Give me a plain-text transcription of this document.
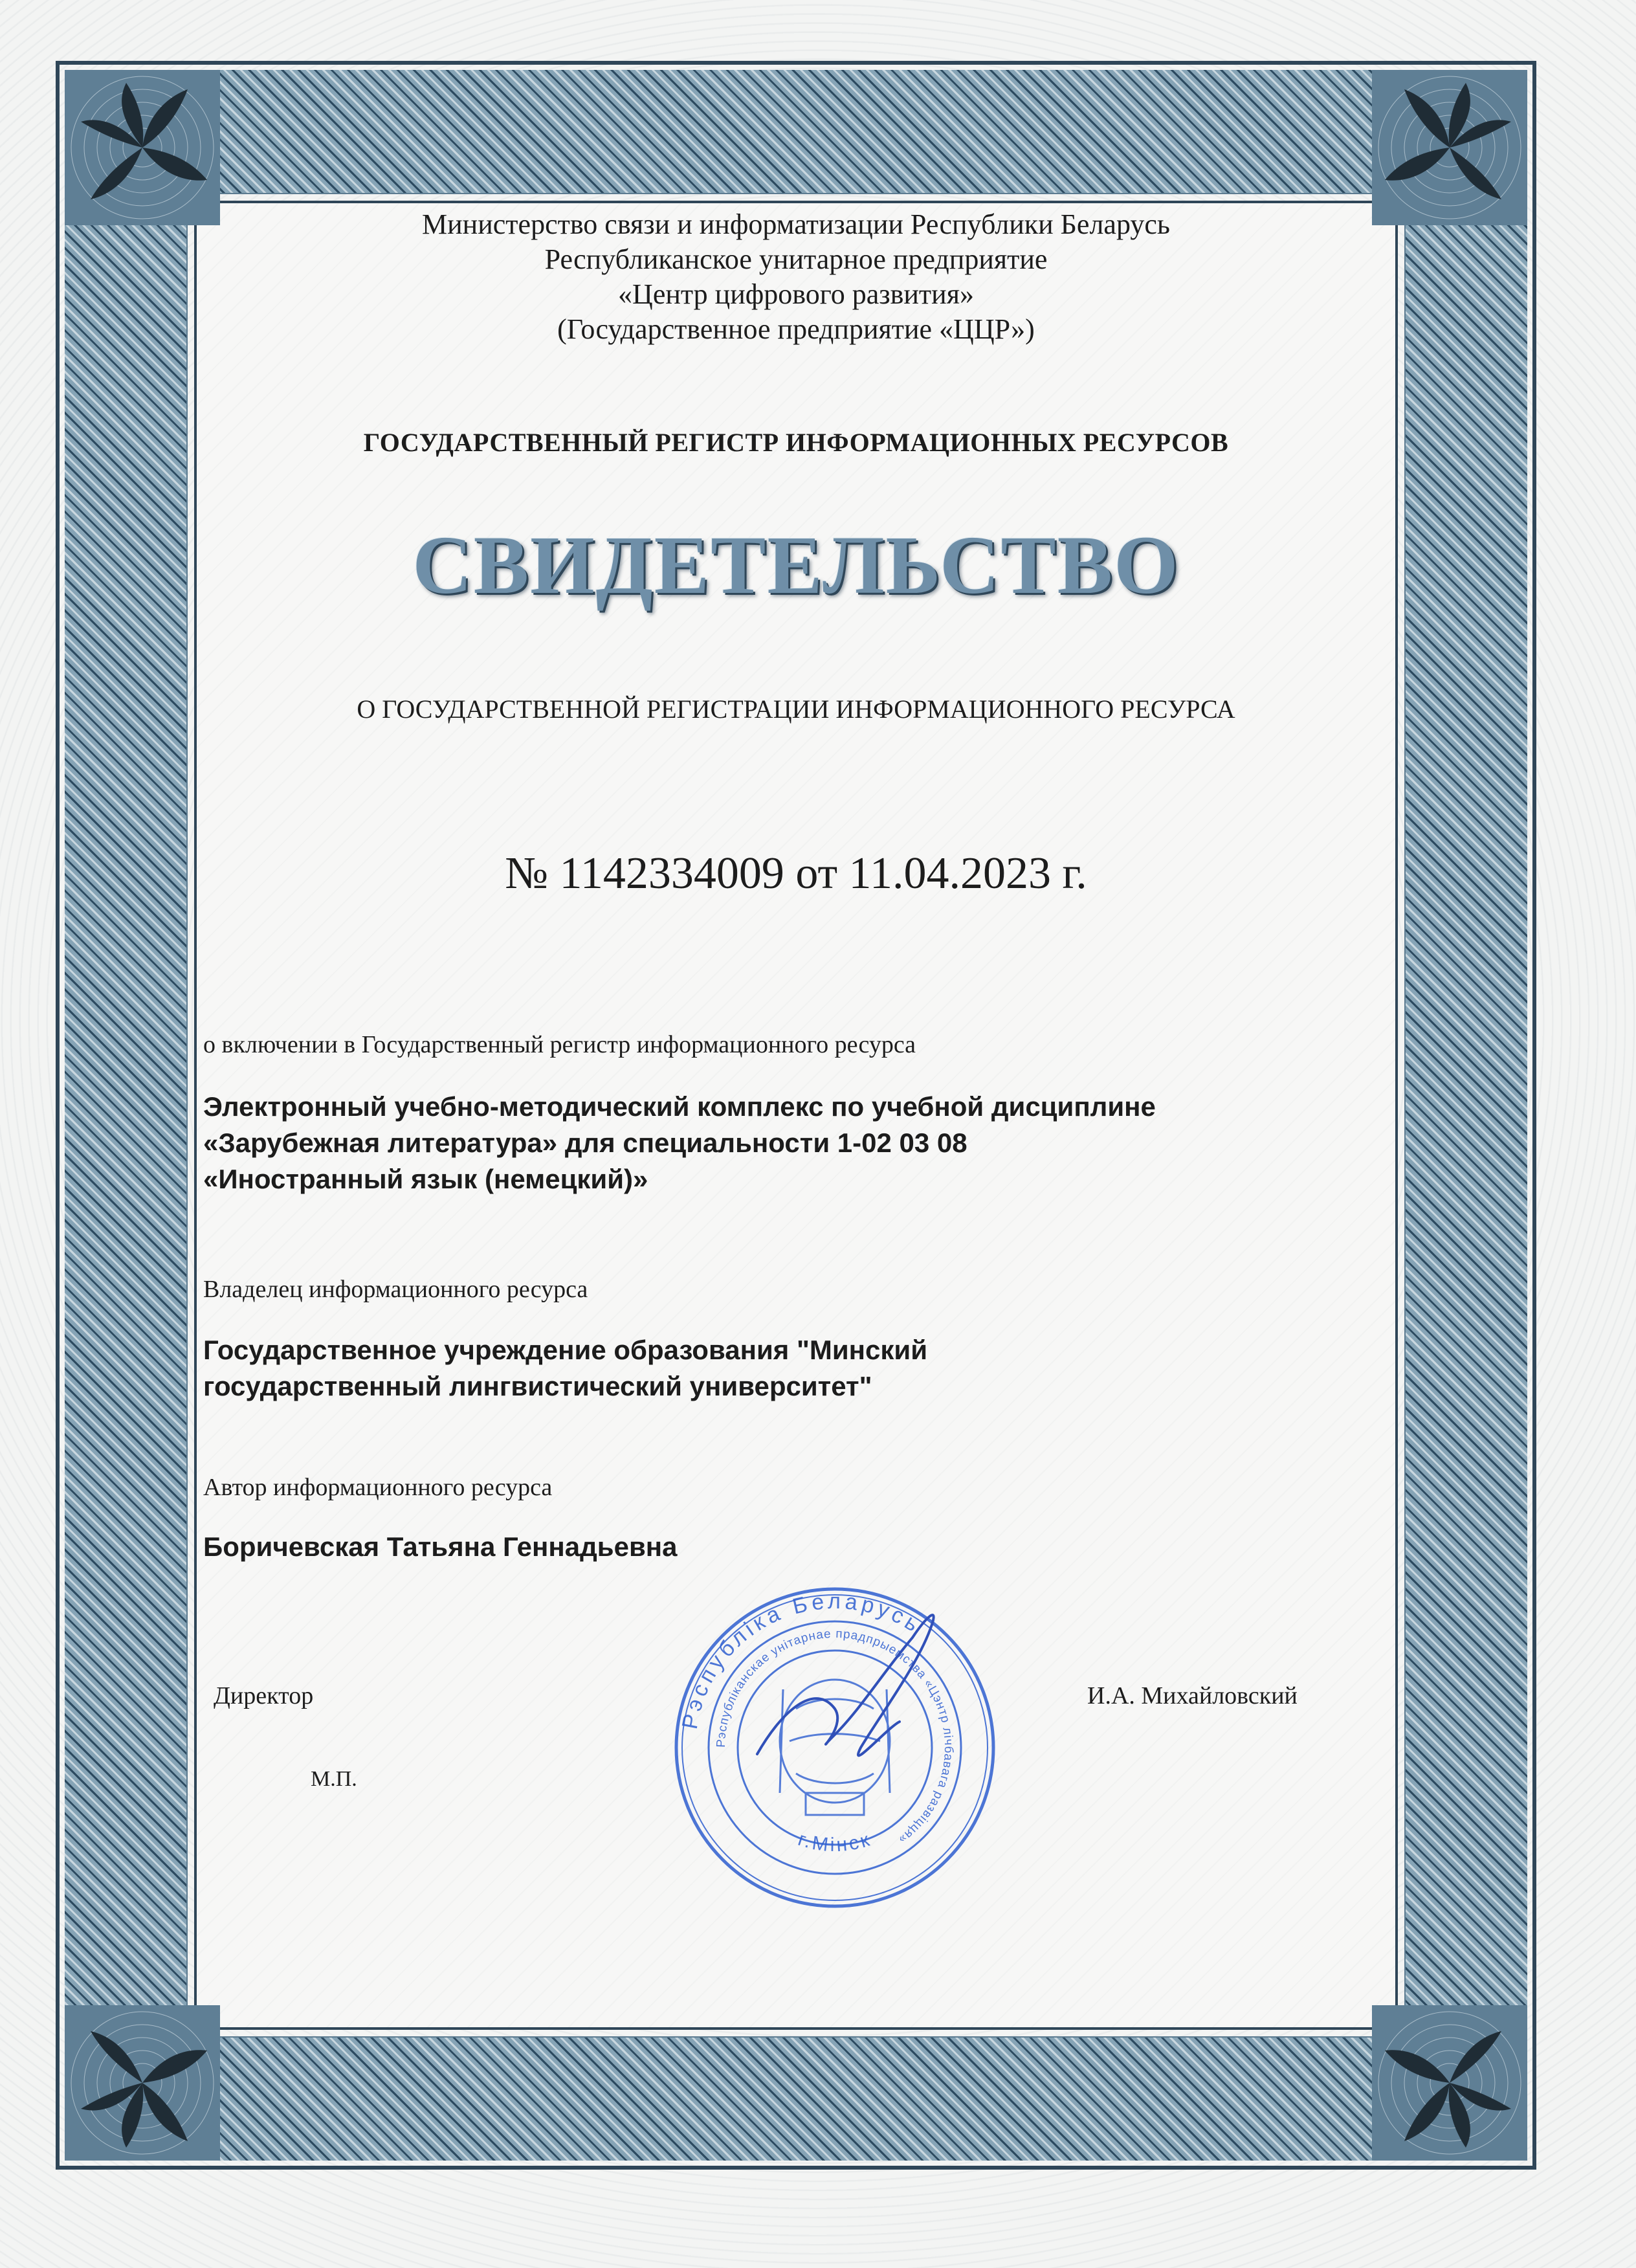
Министерство связи и информатизации Республики Беларусь
Республиканское унитарное предприятие
«Центр цифрового развития»
(Государственное предприятие «ЦЦР»)
ГОСУДАРСТВЕННЫЙ РЕГИСТР ИНФОРМАЦИОННЫХ РЕСУРСОВ
СВИДЕТЕЛЬСТВО
О ГОСУДАРСТВЕННОЙ РЕГИСТРАЦИИ ИНФОРМАЦИОННОГО РЕСУРСА
№ 1142334009 от 11.04.2023 г.
о включении в Государственный регистр информационного ресурса
Электронный учебно-методический комплекс по учебной дисциплине
«Зарубежная литература» для специальности 1-02 03 08
«Иностранный язык (немецкий)»
Владелец информационного ресурса
Государственное учреждение образования "Минский
государственный лингвистический университет"
Автор информационного ресурса
Боричевская Татьяна Геннадьевна
Директор	И.А. Михайловский
М.П.
Рэспубліка Беларусь
Рэспубліканскае унітарнае прадпрыемства «Цэнтр лічбавага развіцця»
г.Мінск
